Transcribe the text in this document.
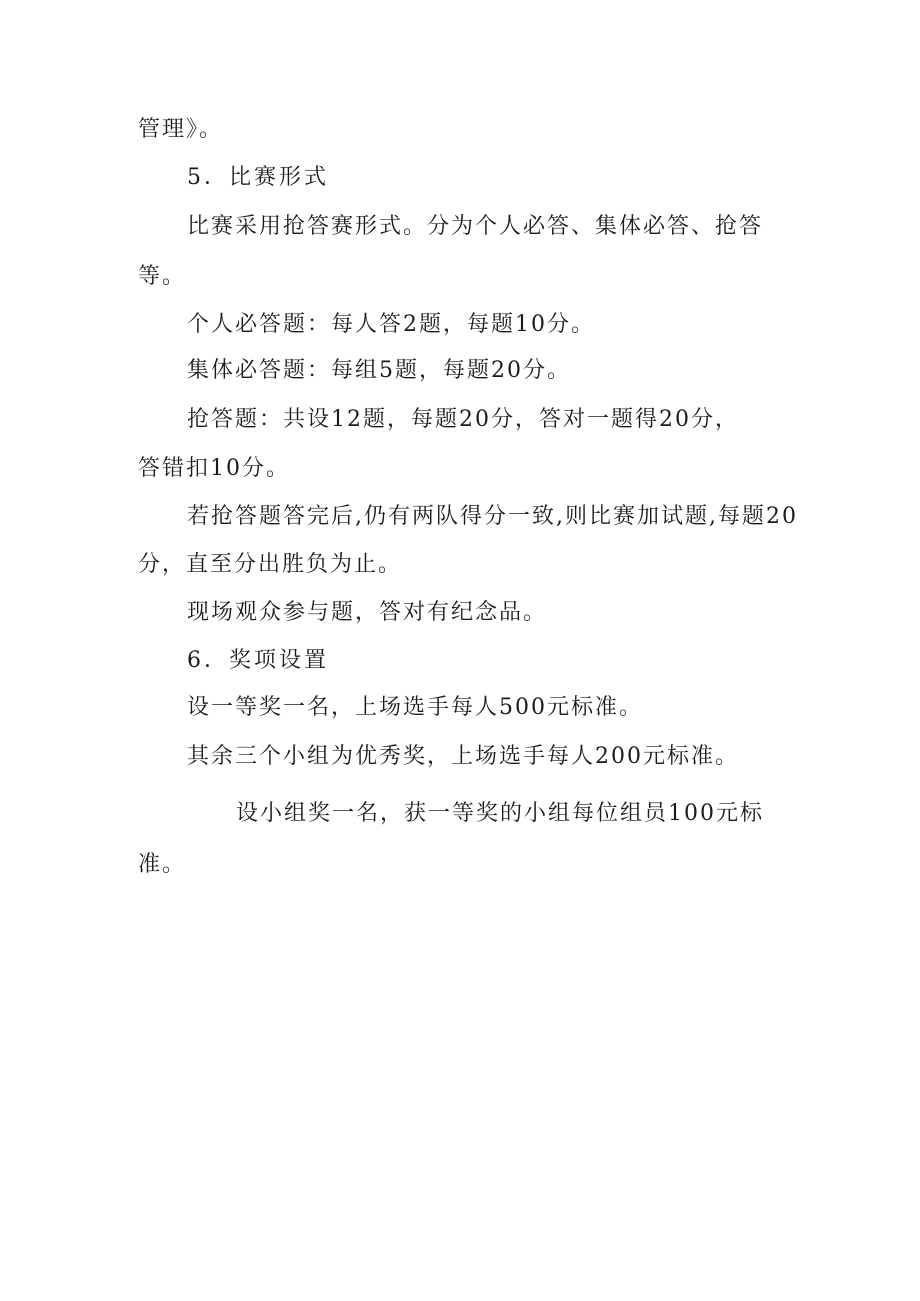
管理》。

5．比赛形式

比赛采用抢答赛形式。分为个人必答、集体必答、抢答

等。

个人必答题：每人答2题，每题10分。

集体必答题：每组5题，每题20分。

抢答题：共设12题，每题20分，答对一题得20分，

答错扣10分。

若抢答题答完后,仍有两队得分一致,则比赛加试题,每题20

分，直至分出胜负为止。

现场观众参与题，答对有纪念品。

6．奖项设置

设一等奖一名，上场选手每人500元标准。

其余三个小组为优秀奖，上场选手每人200元标准。

设小组奖一名，获一等奖的小组每位组员100元标

准。
